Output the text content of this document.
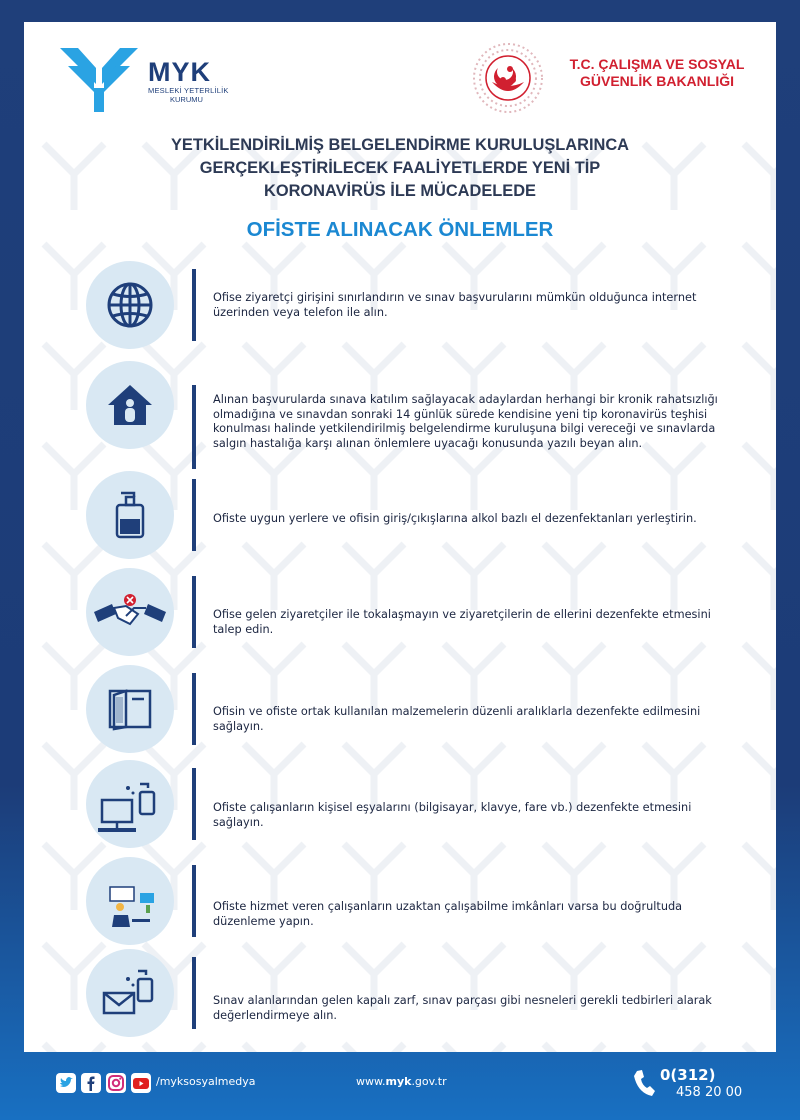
MYK
MESLEKİ YETERLİLİK
KURUMU
T.C. ÇALIŞMA VE SOSYAL
GÜVENLİK BAKANLIĞI
YETKİLENDİRİLMİŞ BELGELENDİRME KURULUŞLARINCA
GERÇEKLEŞTİRİLECEK FAALİYETLERDE YENİ TİP
KORONAVİRÜS İLE MÜCADELEDE
OFİSTE ALINACAK ÖNLEMLER
Ofise ziyaretçi girişini sınırlandırın ve sınav başvurularını mümkün olduğunca internet üzerinden veya telefon ile alın.
Alınan başvurularda sınava katılım sağlayacak adaylardan herhangi bir kronik rahatsızlığı olmadığına ve sınavdan sonraki 14 günlük sürede kendisine yeni tip koronavirüs teşhisi konulması halinde yetkilendirilmiş belgelendirme kuruluşuna bilgi vereceği ve sınavlarda salgın hastalığa karşı alınan önlemlere uyacağı konusunda yazılı beyan alın.
Ofiste uygun yerlere ve ofisin giriş/çıkışlarına alkol bazlı el dezenfektanları yerleştirin.
Ofise gelen ziyaretçiler ile tokalaşmayın ve ziyaretçilerin de ellerini dezenfekte etmesini talep edin.
Ofisin ve ofiste ortak kullanılan malzemelerin düzenli aralıklarla dezenfekte edilmesini sağlayın.
Ofiste çalışanların kişisel eşyalarını (bilgisayar, klavye, fare vb.) dezenfekte etmesini sağlayın.
Ofiste hizmet veren çalışanların uzaktan çalışabilme imkânları varsa bu doğrultuda düzenleme yapın.
Sınav alanlarından gelen kapalı zarf, sınav parçası gibi nesneleri gerekli tedbirleri alarak değerlendirmeye alın.
/myksosyalmedya	www.myk.gov.tr	0(312)
458 20 00
